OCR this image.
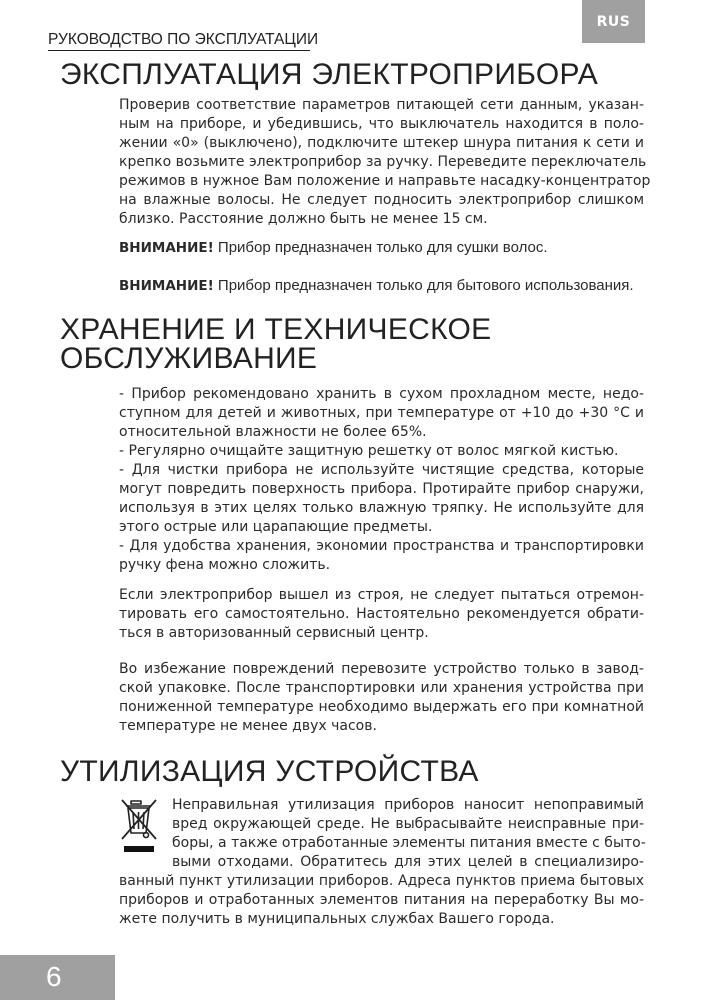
RUS
РУКОВОДСТВО ПО ЭКСПЛУАТАЦИИ
ЭКСПЛУАТАЦИЯ ЭЛЕКТРОПРИБОРА
Проверив соответствие параметров питающей сети данным, указан-
ным на приборе, и убедившись, что выключатель находится в поло-
жении «0» (выключено), подключите штекер шнура питания к сети и
крепко возьмите электроприбор за ручку. Переведите переключатель
режимов в нужное Вам положение и направьте насадку-концентратор
на влажные волосы. Не следует подносить электроприбор слишком
близко. Расстояние должно быть не менее 15 см.

ВНИМАНИЕ! Прибор предназначен только для сушки волос.

ВНИМАНИЕ! Прибор предназначен только для бытового использования.

ХРАНЕНИЕ И ТЕХНИЧЕСКОЕ
ОБСЛУЖИВАНИЕ
- Прибор рекомендовано хранить в сухом прохладном месте, недо-
ступном для детей и животных, при температуре от +10 до +30 °С и
относительной влажности не более 65%.
- Регулярно очищайте защитную решетку от волос мягкой кистью.
- Для чистки прибора не используйте чистящие средства, которые
могут повредить поверхность прибора. Протирайте прибор снаружи,
используя в этих целях только влажную тряпку. Не используйте для
этого острые или царапающие предметы.
- Для удобства хранения, экономии пространства и транспортировки
ручку фена можно сложить.
Если электроприбор вышел из строя, не следует пытаться отремон-
тировать его самостоятельно. Настоятельно рекомендуется обрати-
ться в авторизованный сервисный центр.
Во избежание повреждений перевозите устройство только в завод-
ской упаковке. После транспортировки или хранения устройства при
пониженной температуре необходимо выдержать его при комнатной
температуре не менее двух часов.
УТИЛИЗАЦИЯ УСТРОЙСТВА
Неправильная утилизация приборов наносит непоправимый
вред окружающей среде. Не выбрасывайте неисправные при-
боры, а также отработанные элементы питания вместе с быто-
выми отходами. Обратитесь для этих целей в специализиро-
ванный пункт утилизации приборов. Адреса пунктов приема бытовых
приборов и отработанных элементов питания на переработку Вы мо-
жете получить в муниципальных службах Вашего города.
6
